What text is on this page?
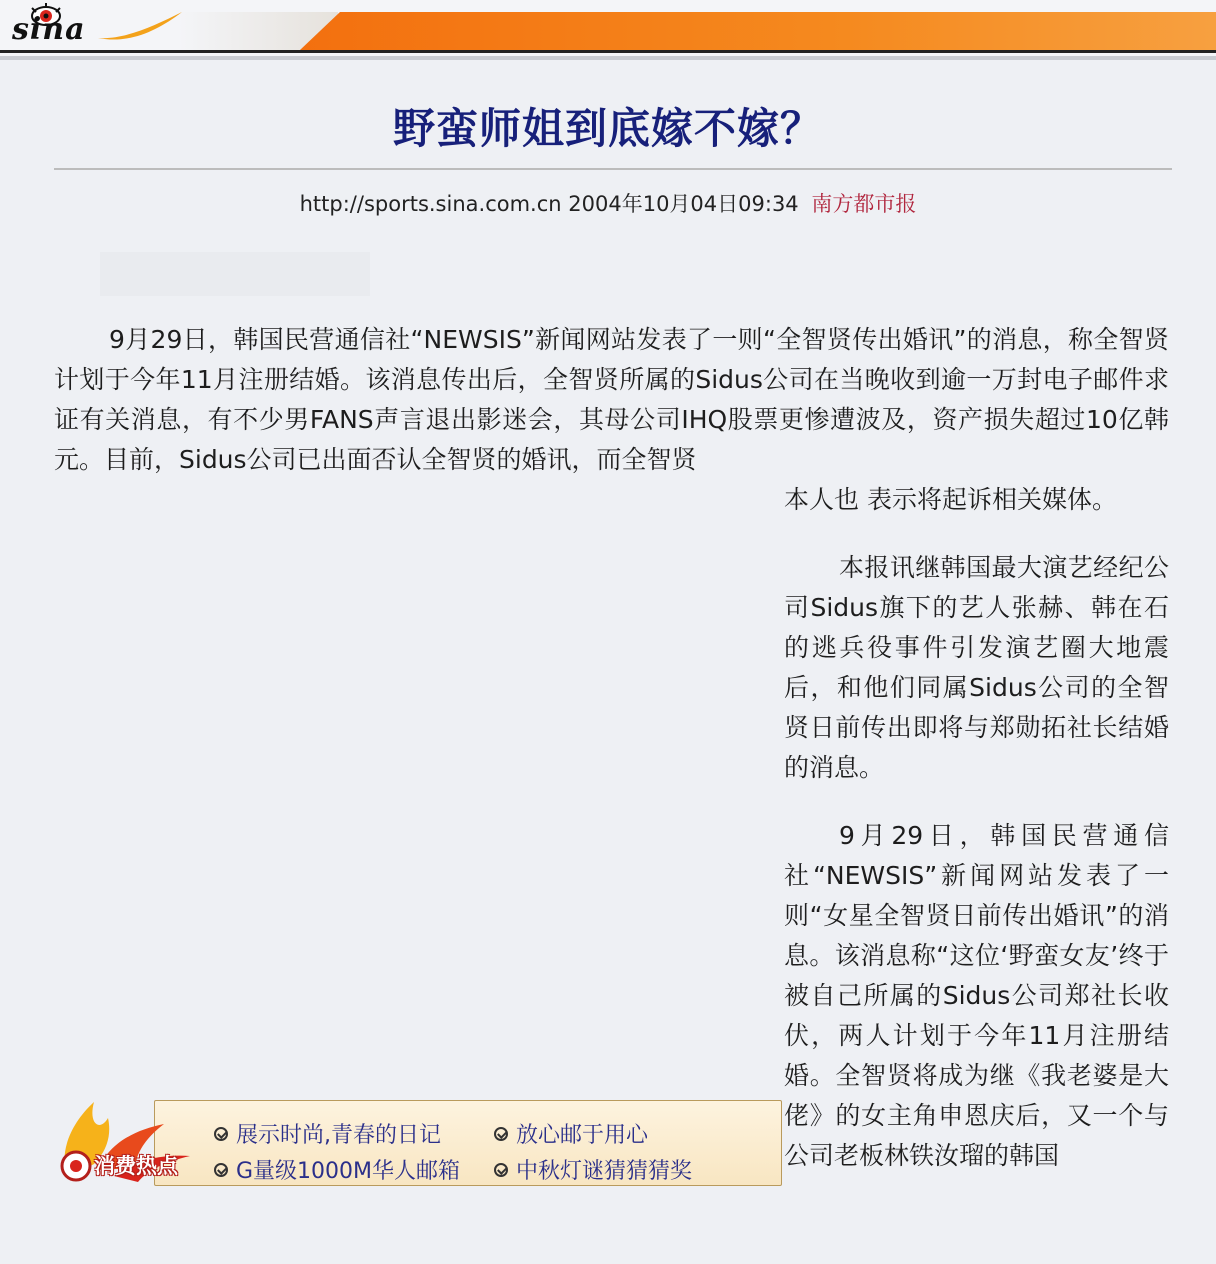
sina
野蛮师姐到底嫁不嫁？
http://sports.sina.com.cn 2004年10月04日09:34 南方都市报
9月29日，韩国民营通信社“NEWSIS”新闻网站发表了一则“全智贤传出婚讯”的消息，称全智贤计划于今年11月注册结婚。该消息传出后，全智贤所属的Sidus公司在当晚收到逾一万封电子邮件求证有关消息，有不少男FANS声言退出影迷会，其母公司IHQ股票更惨遭波及，资产损失超过10亿韩元。目前，Sidus公司已出面否认全智贤的婚讯，而全智贤
本人也 表示将起诉相关媒体。
本报讯继韩国最大演艺经纪公司Sidus旗下的艺人张赫、韩在石的逃兵役事件引发演艺圈大地震后，和他们同属Sidus公司的全智贤日前传出即将与郑勋拓社长结婚的消息。
9月29日，韩国民营通信社“NEWSIS”新闻网站发表了一则“女星全智贤日前传出婚讯”的消息。该消息称“这位‘野蛮女友’终于被自己所属的Sidus公司郑社长收伏，两人计划于今年11月注册结婚。全智贤将成为继《我老婆是大佬》的女主角申恩庆后，又一个与公司老板林铁汝瑠的韩国
消费热点
展示时尚,青春的日记	放心邮于用心
G量级1000M华人邮箱	中秋灯谜猜猜猜奖
